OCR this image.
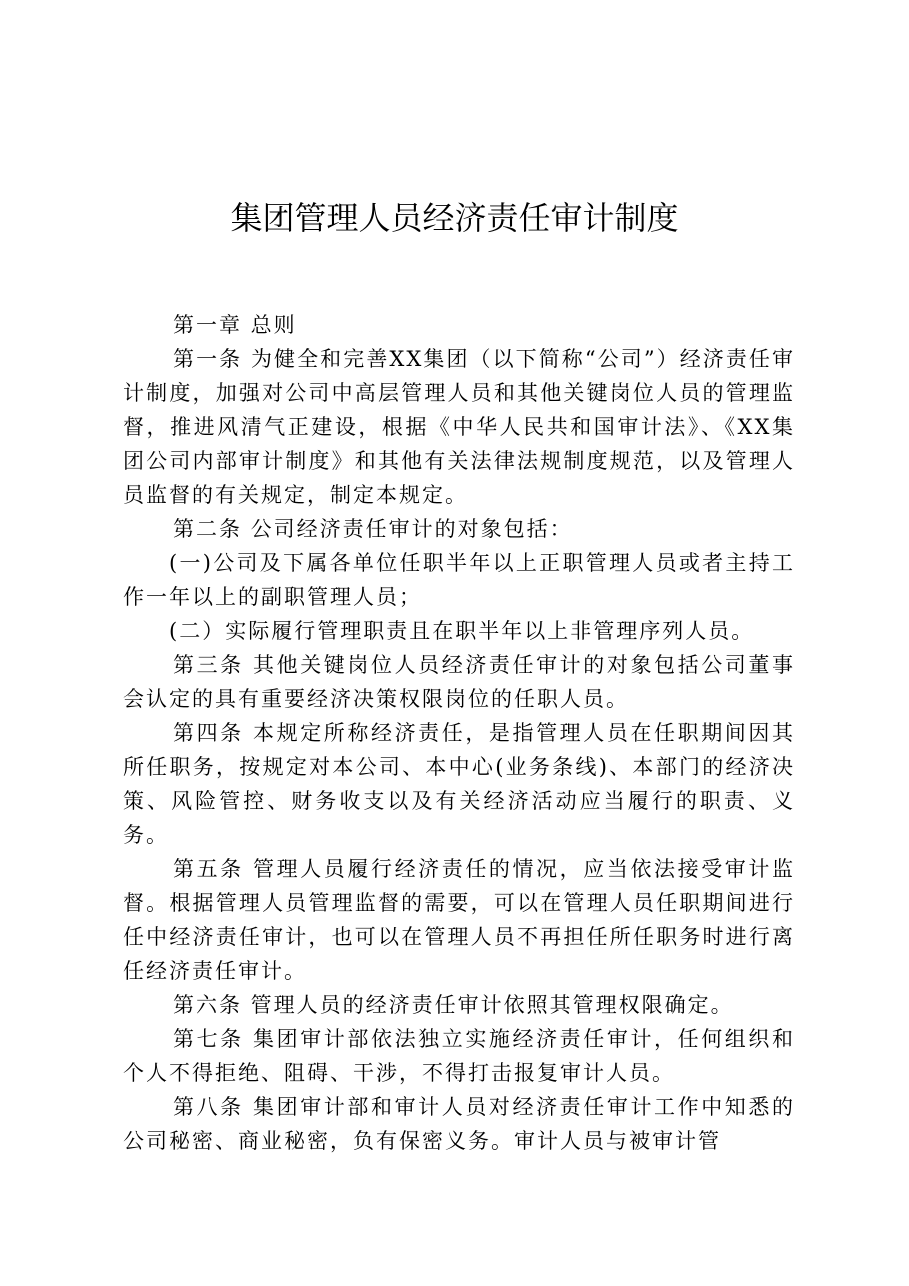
集团管理人员经济责任审计制度

第一章 总则

第一条 为健全和完善XX集团（以下简称“公司”）经济责任审计制度，加强对公司中高层管理人员和其他关键岗位人员的管理监督，推进风清气正建设，根据《中华人民共和国审计法》、《XX集团公司内部审计制度》和其他有关法律法规制度规范，以及管理人员监督的有关规定，制定本规定。

第二条 公司经济责任审计的对象包括：

(一)公司及下属各单位任职半年以上正职管理人员或者主持工作一年以上的副职管理人员；

(二）实际履行管理职责且在职半年以上非管理序列人员。

第三条 其他关键岗位人员经济责任审计的对象包括公司董事会认定的具有重要经济决策权限岗位的任职人员。

第四条 本规定所称经济责任，是指管理人员在任职期间因其所任职务，按规定对本公司、本中心(业务条线)、本部门的经济决策、风险管控、财务收支以及有关经济活动应当履行的职责、义务。

第五条 管理人员履行经济责任的情况，应当依法接受审计监督。根据管理人员管理监督的需要，可以在管理人员任职期间进行任中经济责任审计，也可以在管理人员不再担任所任职务时进行离任经济责任审计。

第六条 管理人员的经济责任审计依照其管理权限确定。

第七条 集团审计部依法独立实施经济责任审计，任何组织和个人不得拒绝、阻碍、干涉，不得打击报复审计人员。

第八条 集团审计部和审计人员对经济责任审计工作中知悉的公司秘密、商业秘密，负有保密义务。审计人员与被审计管
